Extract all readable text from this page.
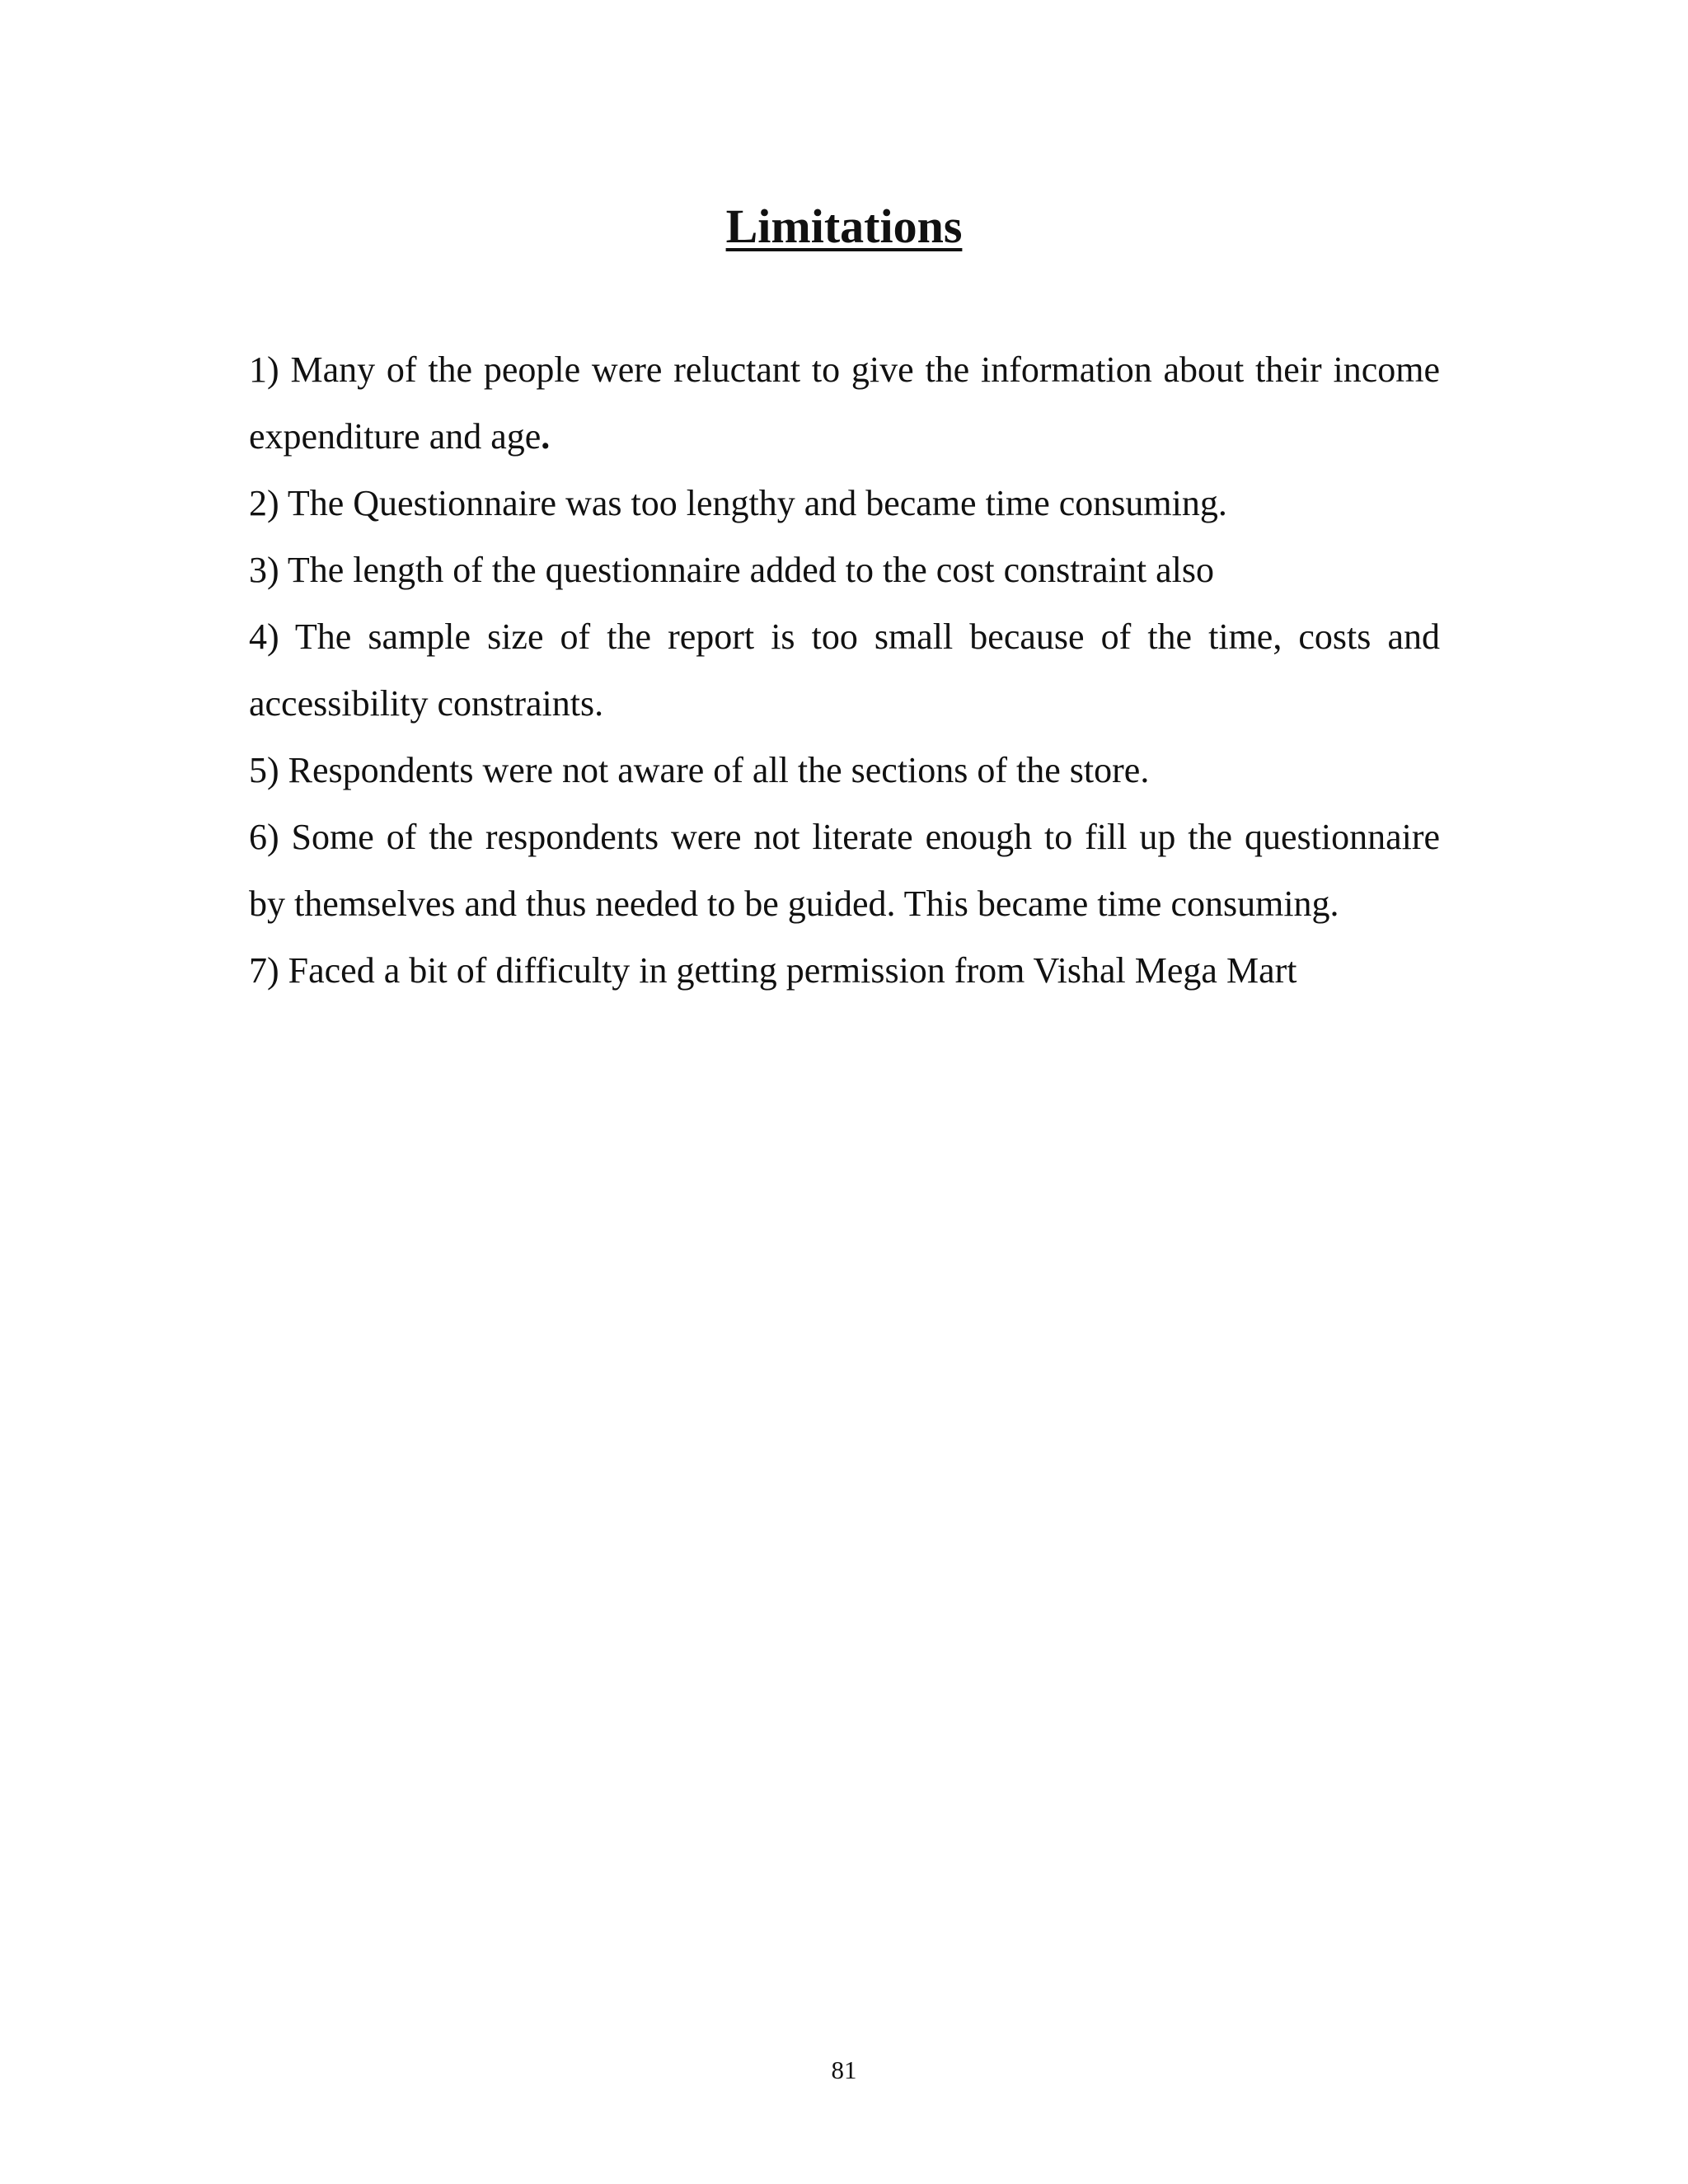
Limitations

1) Many of the people were reluctant to give the information about their income expenditure and age.

2) The Questionnaire was too lengthy and became time consuming.

3) The length of the questionnaire added to the cost constraint also

4) The sample size of the report is too small because of the time, costs and accessibility constraints.

5) Respondents were not aware of all the sections of the store.

6) Some of the respondents were not literate enough to fill up the questionnaire by themselves and thus needed to be guided. This became time consuming.

7) Faced a bit of difficulty in getting permission from Vishal Mega Mart

81
